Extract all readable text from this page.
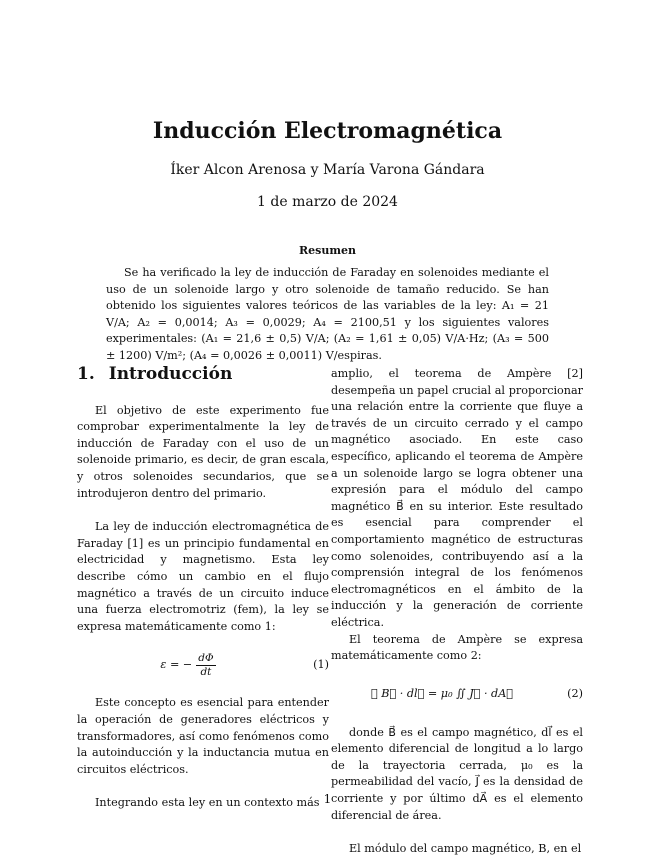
Inducción Electromagnética
Íker Alcon Arenosa y María Varona Gándara
1 de marzo de 2024
Resumen

Se ha verificado la ley de inducción de Faraday en solenoides mediante el uso de un solenoide largo y otro solenoide de tamaño reducido. Se han obtenido los siguientes valores teóricos de las variables de la ley: A₁ = 21 V/A; A₂ = 0,0014; A₃ = 0,0029; A₄ = 2100,51 y los siguientes valores experimentales: (A₁ = 21,6 ± 0,5) V/A; (A₂ = 1,61 ± 0,05) V/A·Hz; (A₃ = 500 ± 1200) V/m²; (A₄ = 0,0026 ± 0,0011) V/espiras.

1. Introducción

El objetivo de este experimento fue comprobar experimentalmente la ley de inducción de Faraday con el uso de un solenoide primario, es decir, de gran escala, y otros solenoides secundarios, que se introdujeron dentro del primario.

La ley de inducción electromagnética de Faraday [1] es un principio fundamental en electricidad y magnetismo. Esta ley describe cómo un cambio en el flujo magnético a través de un circuito induce una fuerza electromotriz (fem), la ley se expresa matemáticamente como 1:

ε = − $\frac{d\Phi}{dt}$	(1)

Este concepto es esencial para entender la operación de generadores eléctricos y transformadores, así como fenómenos como la autoinducción y la inductancia mutua en circuitos eléctricos.

Integrando esta ley en un contexto más

amplio, el teorema de Ampère [2] desempeña un papel crucial al proporcionar una relación entre la corriente que fluye a través de un circuito cerrado y el campo magnético asociado. En este caso específico, aplicando el teorema de Ampère a un solenoide largo se logra obtener una expresión para el módulo del campo magnético B⃗ en su interior. Este resultado es esencial para comprender el comportamiento magnético de estructuras como solenoides, contribuyendo así a la comprensión integral de los fenómenos electromagnéticos en el ámbito de la inducción y la generación de corriente eléctrica.

El teorema de Ampère se expresa matemáticamente como 2:

∮ B⃗ · dl⃗ = μ₀ ∬ J⃗ · dA⃗	(2)

donde B⃗ es el campo magnético, dl⃗ es el elemento diferencial de longitud a lo largo de la trayectoria cerrada, μ₀ es la permeabilidad del vacío, J⃗ es la densidad de corriente y por último dA⃗ es el elemento diferencial de área.

El módulo del campo magnético, B, en el

1
